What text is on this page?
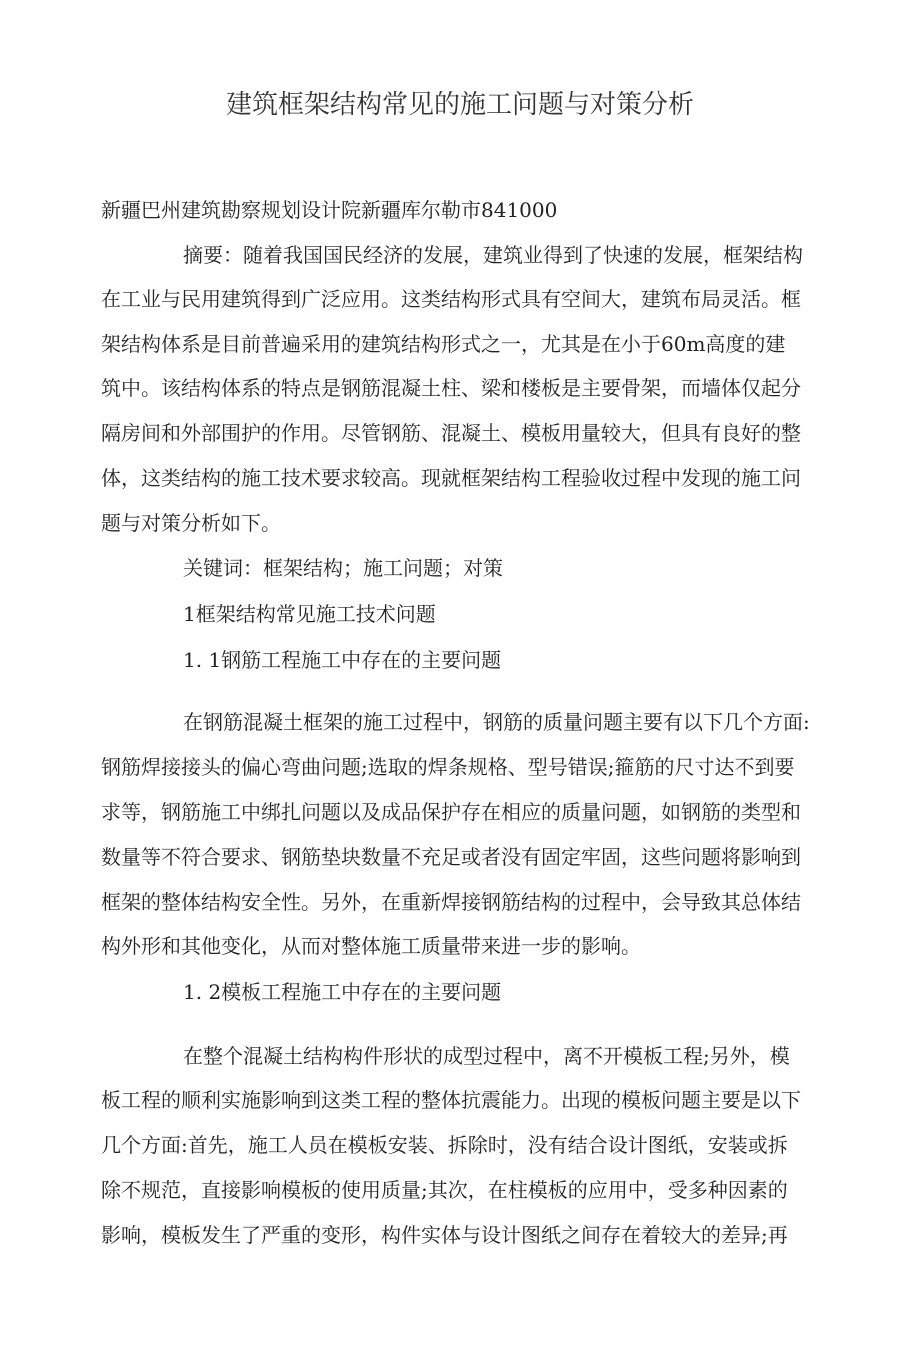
建筑框架结构常见的施工问题与对策分析
新疆巴州建筑勘察规划设计院新疆库尔勒市841000
摘要：随着我国国民经济的发展，建筑业得到了快速的发展，框架结构
在工业与民用建筑得到广泛应用。这类结构形式具有空间大，建筑布局灵活。框
架结构体系是目前普遍采用的建筑结构形式之一，尤其是在小于60m高度的建
筑中。该结构体系的特点是钢筋混凝土柱、梁和楼板是主要骨架，而墙体仅起分
隔房间和外部围护的作用。尽管钢筋、混凝土、模板用量较大，但具有良好的整
体，这类结构的施工技术要求较高。现就框架结构工程验收过程中发现的施工问
题与对策分析如下。
关键词：框架结构；施工问题；对策
1框架结构常见施工技术问题
1. 1钢筋工程施工中存在的主要问题
在钢筋混凝土框架的施工过程中，钢筋的质量问题主要有以下几个方面:
钢筋焊接接头的偏心弯曲问题;选取的焊条规格、型号错误;箍筋的尺寸达不到要
求等，钢筋施工中绑扎问题以及成品保护存在相应的质量问题，如钢筋的类型和
数量等不符合要求、钢筋垫块数量不充足或者没有固定牢固，这些问题将影响到
框架的整体结构安全性。另外，在重新焊接钢筋结构的过程中，会导致其总体结
构外形和其他变化，从而对整体施工质量带来进一步的影响。
1. 2模板工程施工中存在的主要问题
在整个混凝土结构构件形状的成型过程中，离不开模板工程;另外，模
板工程的顺利实施影响到这类工程的整体抗震能力。出现的模板问题主要是以下
几个方面:首先，施工人员在模板安装、拆除时，没有结合设计图纸，安装或拆
除不规范，直接影响模板的使用质量;其次，在柱模板的应用中，受多种因素的
影响，模板发生了严重的变形，构件实体与设计图纸之间存在着较大的差异;再
